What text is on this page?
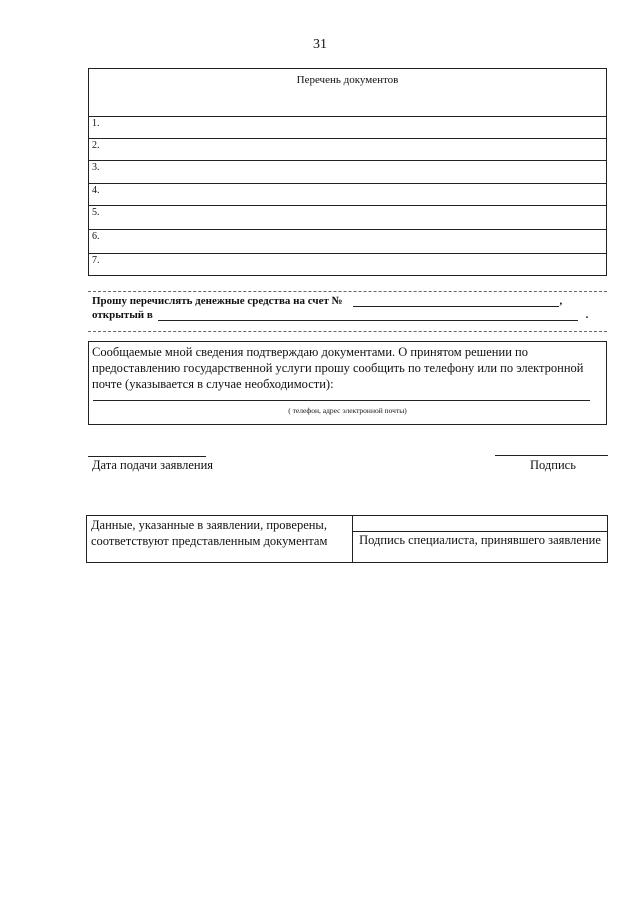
31
Перечень документов
1.
2.
3.
4.
5.
6.
7.
Прошу перечислять денежные средства на счет №	,
открытый в	.
Сообщаемые мной сведения подтверждаю документами. О принятом решении по предоставлению государственной услуги прошу сообщить по телефону или по электронной почте (указывается в случае необходимости):
( телефон, адрес электронной почты)
Дата подачи заявления	Подпись
Данные, указанные в заявлении, проверены, соответствуют представленным документам	Подпись специалиста, принявшего заявление
